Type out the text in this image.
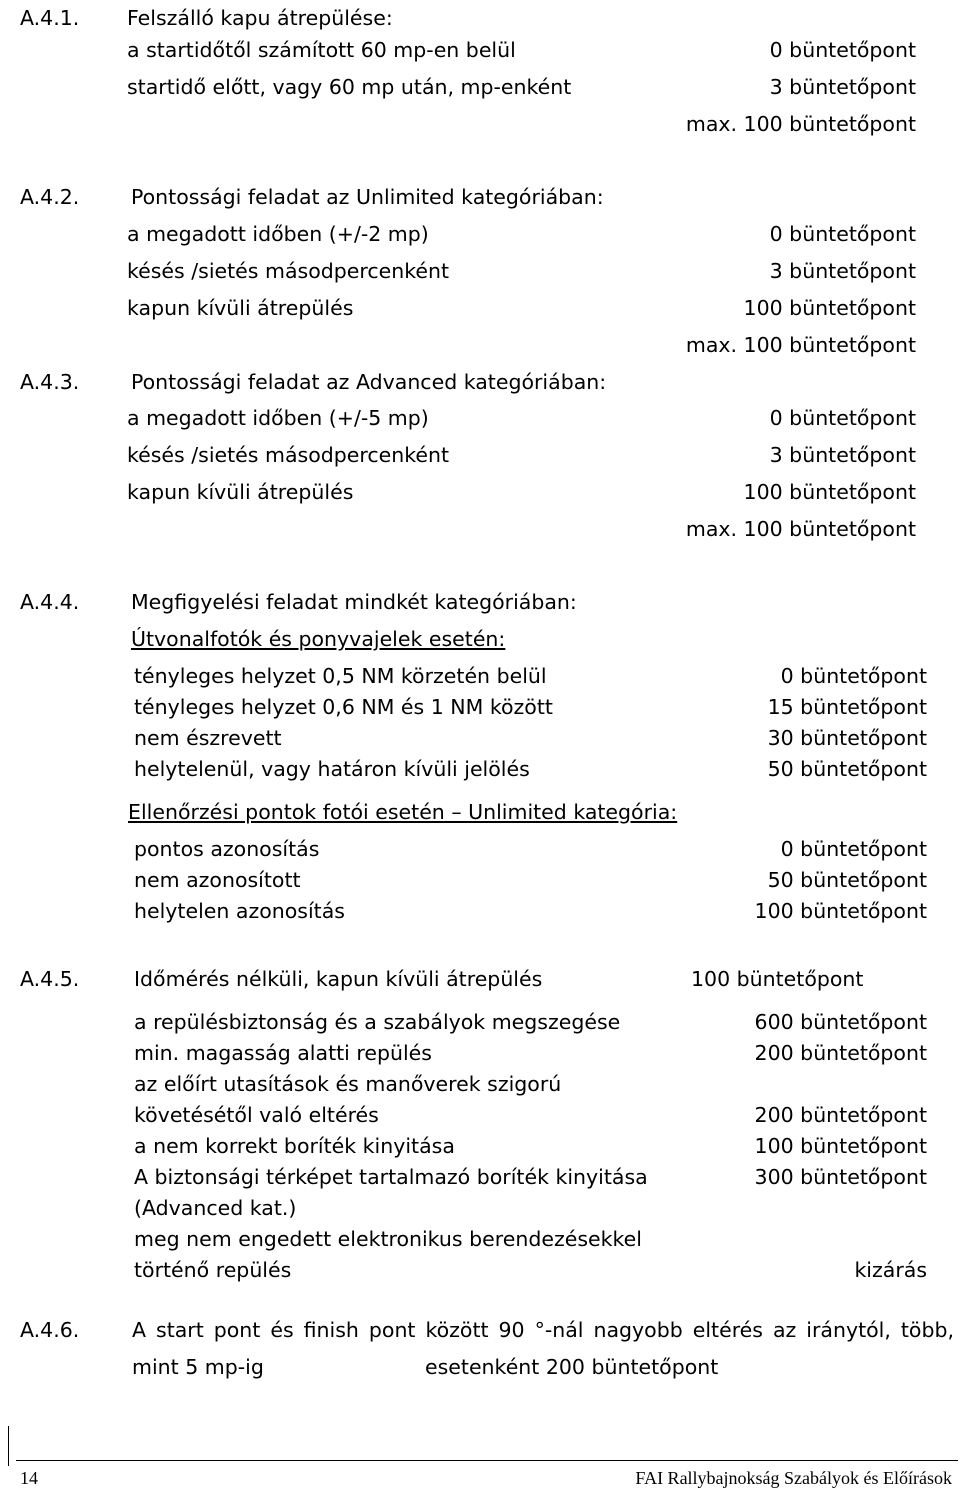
A.4.1. Felszálló kapu átrepülése:
a startidőtől számított 60 mp-en belül	0 büntetőpont
startidő előtt, vagy 60 mp után, mp-enként	3 büntetőpont
max. 100 büntetőpont
A.4.2.	Pontossági feladat az Unlimited kategóriában:
a megadott időben (+/-2 mp)	0 büntetőpont
késés /sietés másodpercenként	3 büntetőpont
kapun kívüli átrepülés	100 büntetőpont
max. 100 büntetőpont
A.4.3.	Pontossági feladat az Advanced kategóriában:
a megadott időben (+/-5 mp)	0 büntetőpont
késés /sietés másodpercenként	3 büntetőpont
kapun kívüli átrepülés	100 büntetőpont
max. 100 büntetőpont
A.4.4.	Megfigyelési feladat mindkét kategóriában:
Útvonalfotók és ponyvajelek esetén:
tényleges helyzet 0,5 NM körzetén belül	0 büntetőpont
tényleges helyzet 0,6 NM és 1 NM között	15 büntetőpont
nem észrevett	30 büntetőpont
helytelenül, vagy határon kívüli jelölés	50 büntetőpont
Ellenőrzési pontok fotói esetén – Unlimited kategória:
pontos azonosítás	0 büntetőpont
nem azonosított	50 büntetőpont
helytelen azonosítás	100 büntetőpont
A.4.5.	Időmérés nélküli, kapun kívüli átrepülés	100 büntetőpont
a repülésbiztonság és a szabályok megszegése	600 büntetőpont
min. magasság alatti repülés	200 büntetőpont
az előírt utasítások és manőverek szigorú
követésétől való eltérés	200 büntetőpont
a nem korrekt boríték kinyitása	100 büntetőpont
A biztonsági térképet tartalmazó boríték kinyitása	300 büntetőpont
(Advanced kat.)
meg nem engedett elektronikus berendezésekkel
történő repülés	kizárás
A.4.6.	A start pont és finish pont között 90 °-nál nagyobb eltérés az iránytól, több,
mint 5 mp-ig	esetenként 200 büntetőpont
14	FAI Rallybajnokság Szabályok és Előírások
